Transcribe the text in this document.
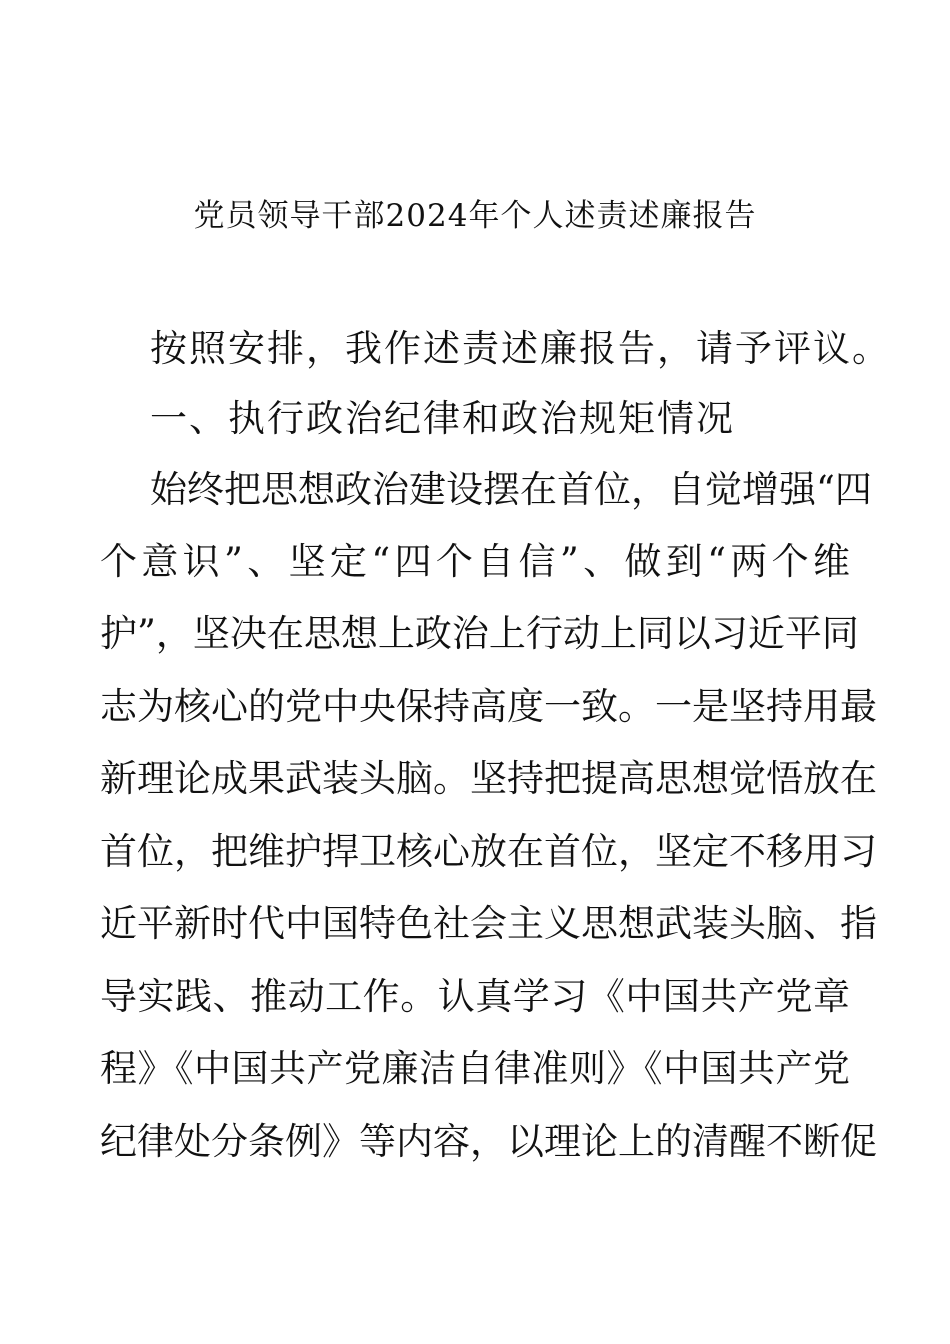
党员领导干部2024年个人述责述廉报告

按照安排，我作述责述廉报告，请予评议。

一、执行政治纪律和政治规矩情况

始终把思想政治建设摆在首位，自觉增强“四

个意识”、坚定“四个自信”、做到“两个维

护”，坚决在思想上政治上行动上同以习近平同

志为核心的党中央保持高度一致。一是坚持用最

新理论成果武装头脑。坚持把提高思想觉悟放在

首位，把维护捍卫核心放在首位，坚定不移用习

近平新时代中国特色社会主义思想武装头脑、指

导实践、推动工作。认真学习《中国共产党章

程》《中国共产党廉洁自律准则》《中国共产党

纪律处分条例》等内容，以理论上的清醒不断促
